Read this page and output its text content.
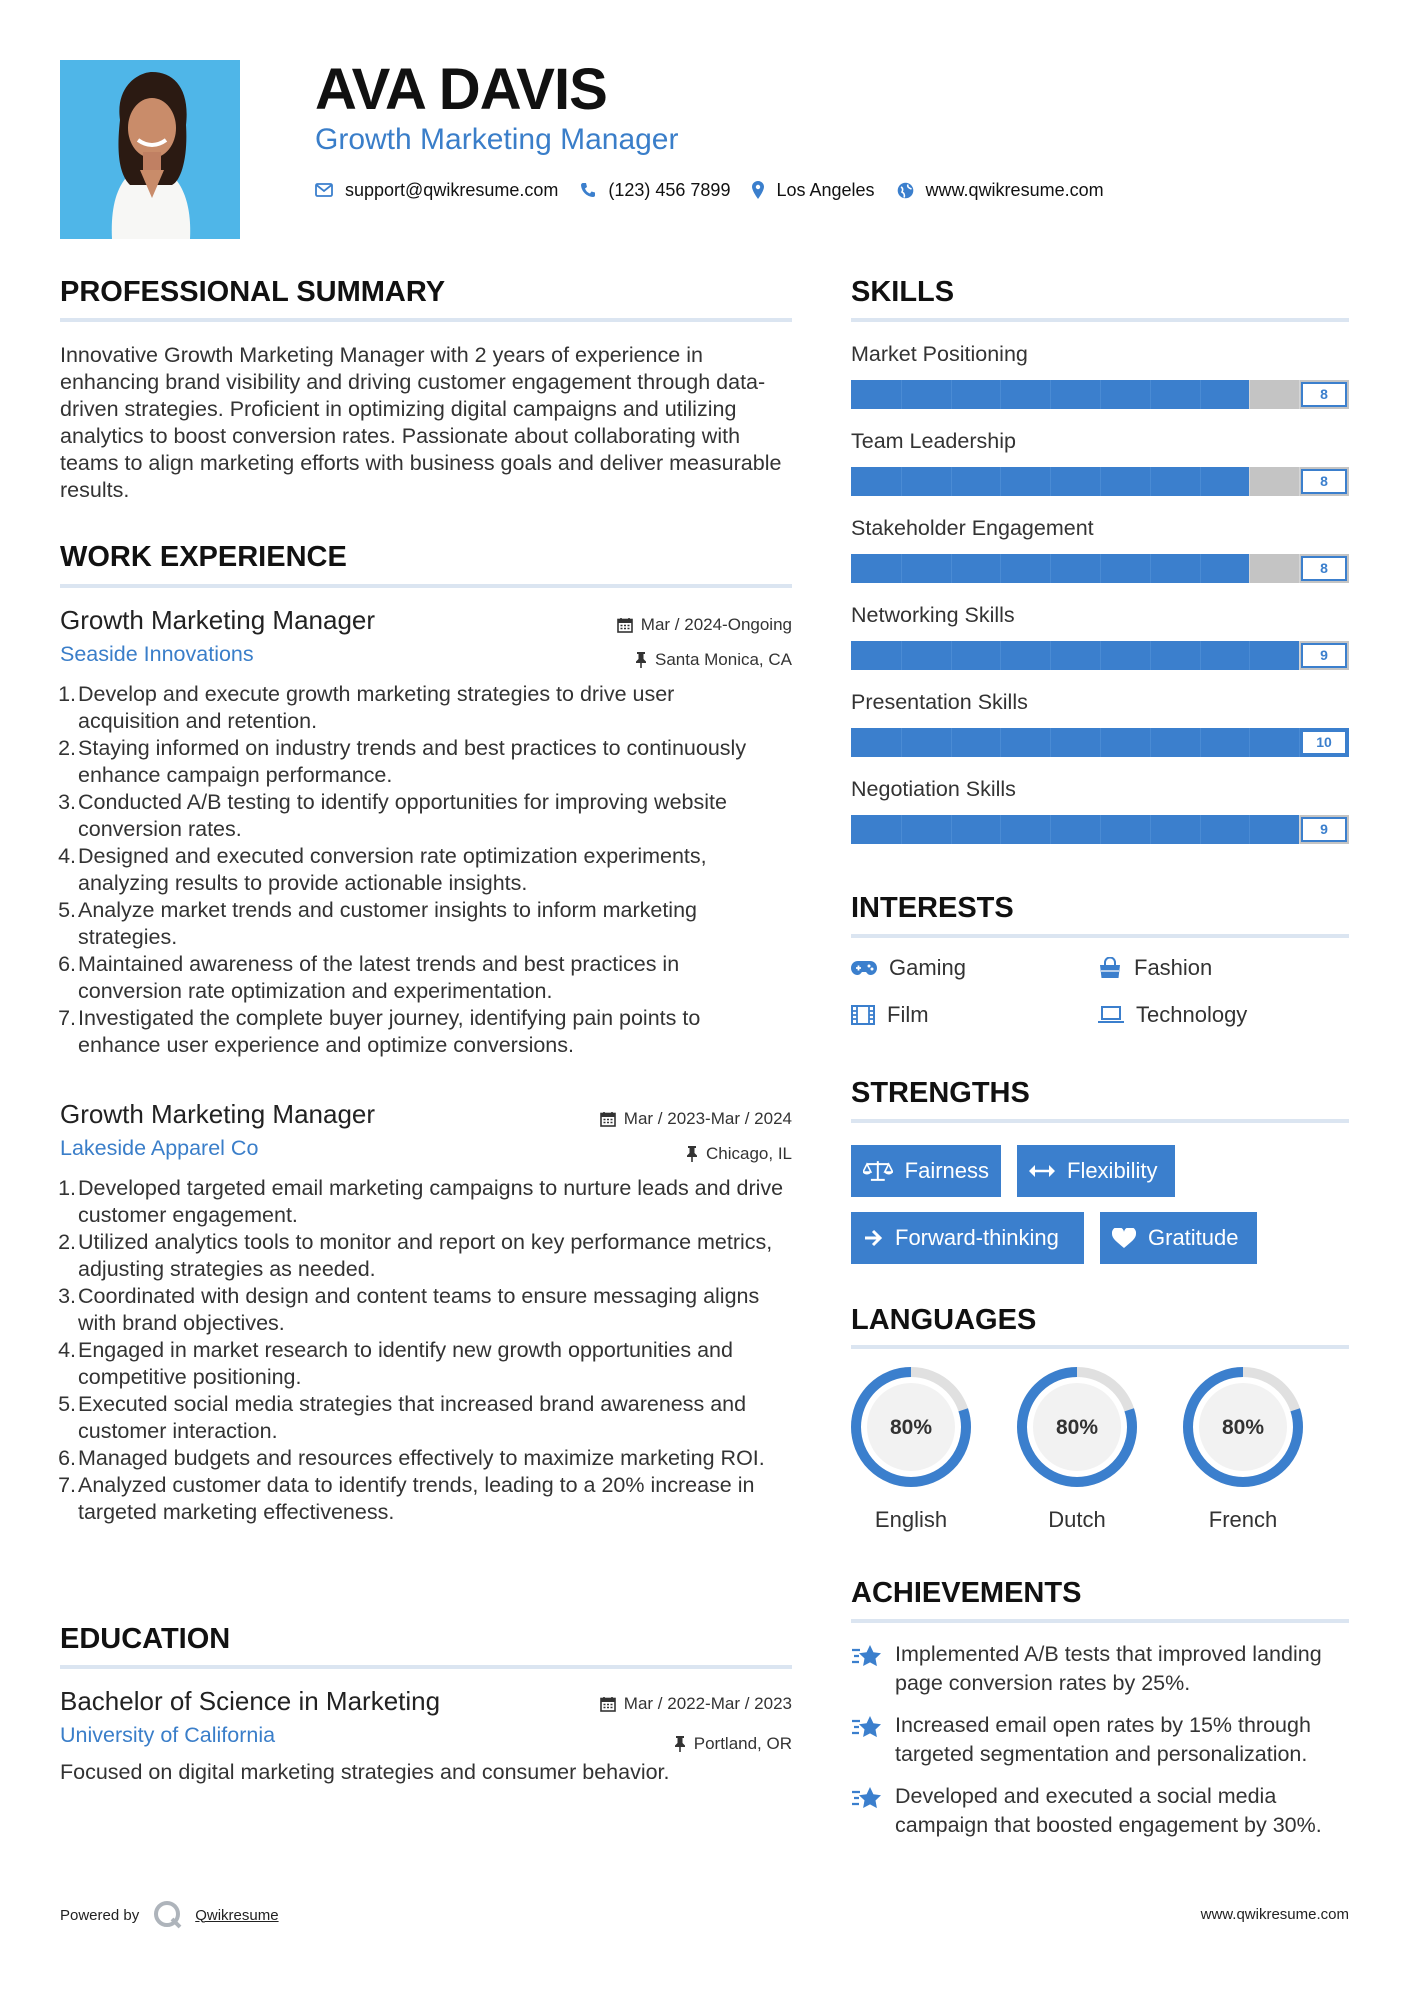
AVA DAVIS
Growth Marketing Manager
support@qwikresume.com	(123) 456 7899	Los Angeles	www.qwikresume.com
PROFESSIONAL SUMMARY
Innovative Growth Marketing Manager with 2 years of experience in enhancing brand visibility and driving customer engagement through data-driven strategies. Proficient in optimizing digital campaigns and utilizing analytics to boost conversion rates. Passionate about collaborating with teams to align marketing efforts with business goals and deliver measurable results.
WORK EXPERIENCE
Growth Marketing Manager	Mar / 2024-Ongoing
Seaside Innovations	Santa Monica, CA
1. Develop and execute growth marketing strategies to drive user acquisition and retention.
2. Staying informed on industry trends and best practices to continuously enhance campaign performance.
3. Conducted A/B testing to identify opportunities for improving website conversion rates.
4. Designed and executed conversion rate optimization experiments, analyzing results to provide actionable insights.
5. Analyze market trends and customer insights to inform marketing strategies.
6. Maintained awareness of the latest trends and best practices in conversion rate optimization and experimentation.
7. Investigated the complete buyer journey, identifying pain points to enhance user experience and optimize conversions.
Growth Marketing Manager	Mar / 2023-Mar / 2024
Lakeside Apparel Co	Chicago, IL
1. Developed targeted email marketing campaigns to nurture leads and drive customer engagement.
2. Utilized analytics tools to monitor and report on key performance metrics, adjusting strategies as needed.
3. Coordinated with design and content teams to ensure messaging aligns with brand objectives.
4. Engaged in market research to identify new growth opportunities and competitive positioning.
5. Executed social media strategies that increased brand awareness and customer interaction.
6. Managed budgets and resources effectively to maximize marketing ROI.
7. Analyzed customer data to identify trends, leading to a 20% increase in targeted marketing effectiveness.
EDUCATION
Bachelor of Science in Marketing	Mar / 2022-Mar / 2023
University of California	Portland, OR
Focused on digital marketing strategies and consumer behavior.
SKILLS
Market Positioning
8
Team Leadership
8
Stakeholder Engagement
8
Networking Skills
9
Presentation Skills
10
Negotiation Skills
9
INTERESTS
Gaming	Fashion
Film	Technology
STRENGTHS
Fairness	Flexibility
Forward-thinking	Gratitude
LANGUAGES
80%
English
80%
Dutch
80%
French
ACHIEVEMENTS
Implemented A/B tests that improved landing page conversion rates by 25%.
Increased email open rates by 15% through targeted segmentation and personalization.
Developed and executed a social media campaign that boosted engagement by 30%.
Powered by	Qwikresume	www.qwikresume.com
